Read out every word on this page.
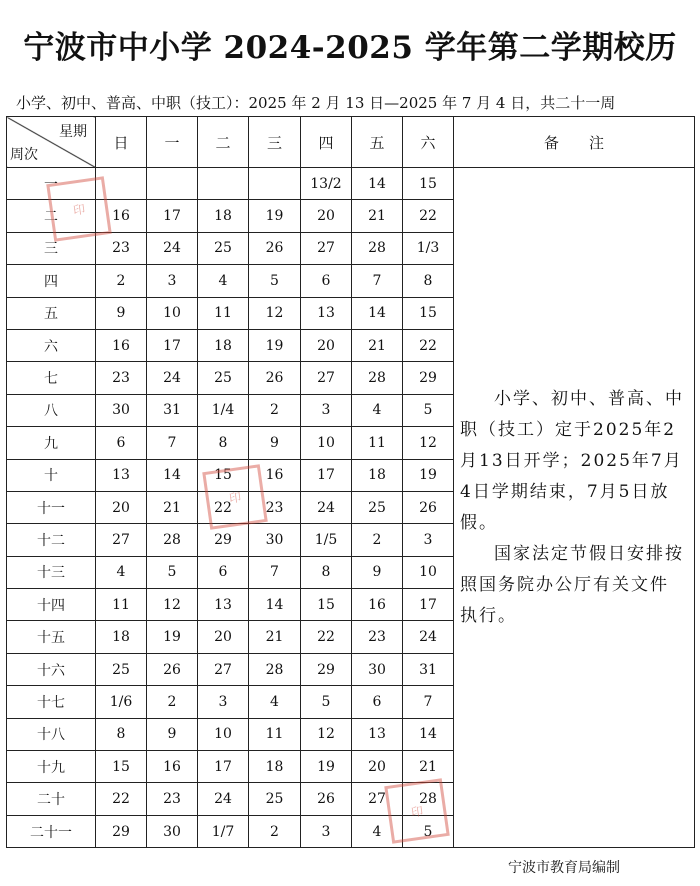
宁波市中小学 2024-2025 学年第二学期校历
小学、初中、普高、中职（技工）：2025 年 2 月 13 日—2025 年 7 月 4 日，共二十一周
星期
周次	日	一	二	三	四	五	六	备　　注
一					13/2	14	15	小学、初中、普高、中职（技工）定于2025年2月13日开学；2025年7月4日学期结束，7月5日放假。

国家法定节假日安排按照国务院办公厅有关文件执行。

二	16	17	18	19	20	21	22	
三	23	24	25	26	27	28	1/3	
四	2	3	4	5	6	7	8	
五	9	10	11	12	13	14	15	
六	16	17	18	19	20	21	22	
七	23	24	25	26	27	28	29	
八	30	31	1/4	2	3	4	5	
九	6	7	8	9	10	11	12	
十	13	14	15	16	17	18	19	
十一	20	21	22	23	24	25	26	
十二	27	28	29	30	1/5	2	3	
十三	4	5	6	7	8	9	10	
十四	11	12	13	14	15	16	17	
十五	18	19	20	21	22	23	24	
十六	25	26	27	28	29	30	31	
十七	1/6	2	3	4	5	6	7	
十八	8	9	10	11	12	13	14	
十九	15	16	17	18	19	20	21	
二十	22	23	24	25	26	27	28	
二十一	29	30	1/7	2	3	4	5	
宁波市教育局编制
印
印
印
